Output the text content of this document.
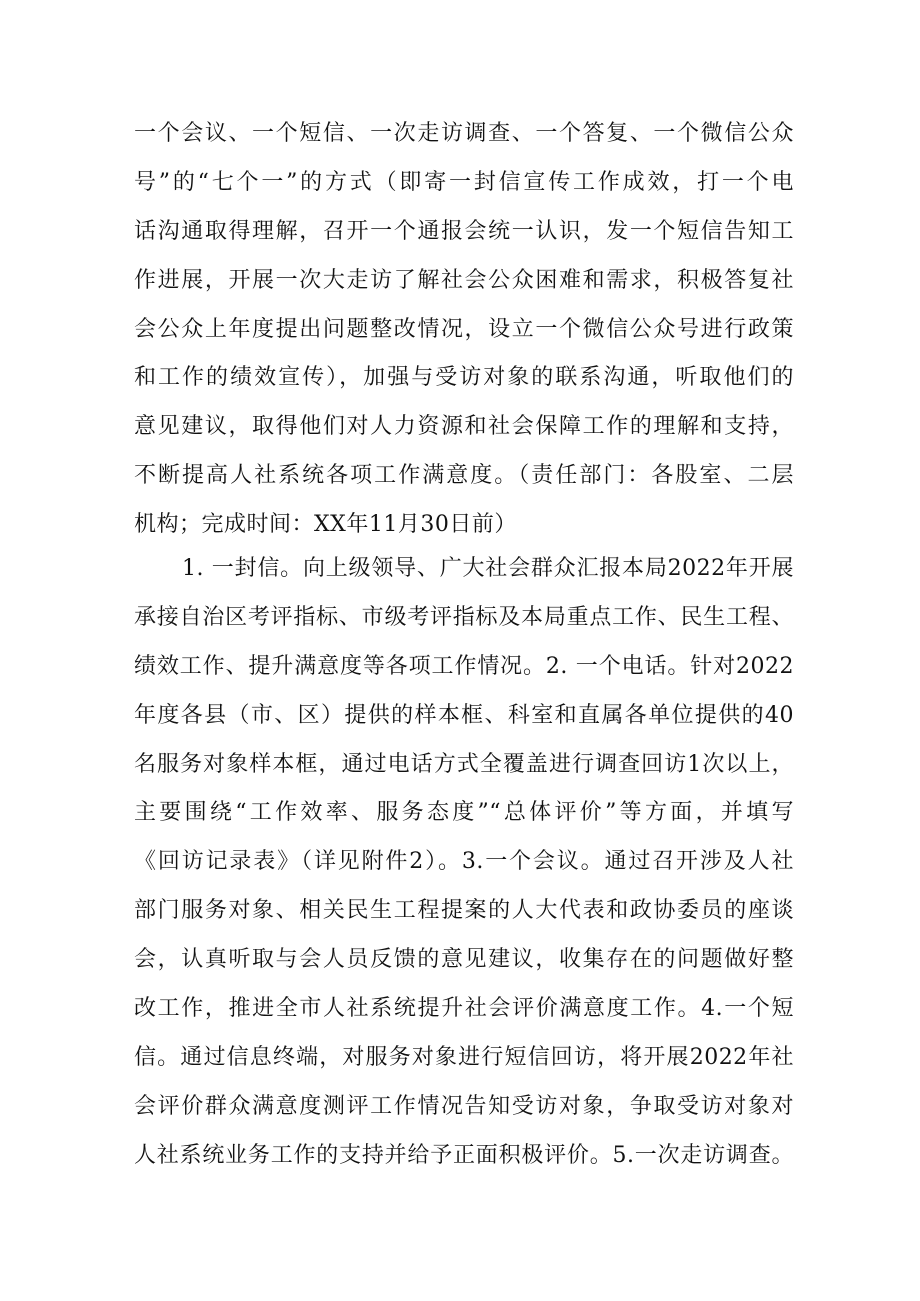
一个会议、一个短信、一次走访调查、一个答复、一个微信公众
号”的“七个一”的方式（即寄一封信宣传工作成效，打一个电
话沟通取得理解，召开一个通报会统一认识，发一个短信告知工
作进展，开展一次大走访了解社会公众困难和需求，积极答复社
会公众上年度提出问题整改情况，设立一个微信公众号进行政策
和工作的绩效宣传），加强与受访对象的联系沟通，听取他们的
意见建议，取得他们对人力资源和社会保障工作的理解和支持，
不断提高人社系统各项工作满意度。（责任部门：各股室、二层
机构；完成时间：XX年11月30日前）
1. 一封信。向上级领导、广大社会群众汇报本局2022年开展
承接自治区考评指标、市级考评指标及本局重点工作、民生工程、
绩效工作、提升满意度等各项工作情况。2. 一个电话。针对2022
年度各县（市、区）提供的样本框、科室和直属各单位提供的40
名服务对象样本框，通过电话方式全覆盖进行调查回访1次以上，
主要围绕“工作效率、服务态度”“总体评价”等方面，并填写
《回访记录表》（详见附件2）。3.一个会议。通过召开涉及人社
部门服务对象、相关民生工程提案的人大代表和政协委员的座谈
会，认真听取与会人员反馈的意见建议，收集存在的问题做好整
改工作，推进全市人社系统提升社会评价满意度工作。4.一个短
信。通过信息终端，对服务对象进行短信回访，将开展2022年社
会评价群众满意度测评工作情况告知受访对象，争取受访对象对
人社系统业务工作的支持并给予正面积极评价。5.一次走访调查。
